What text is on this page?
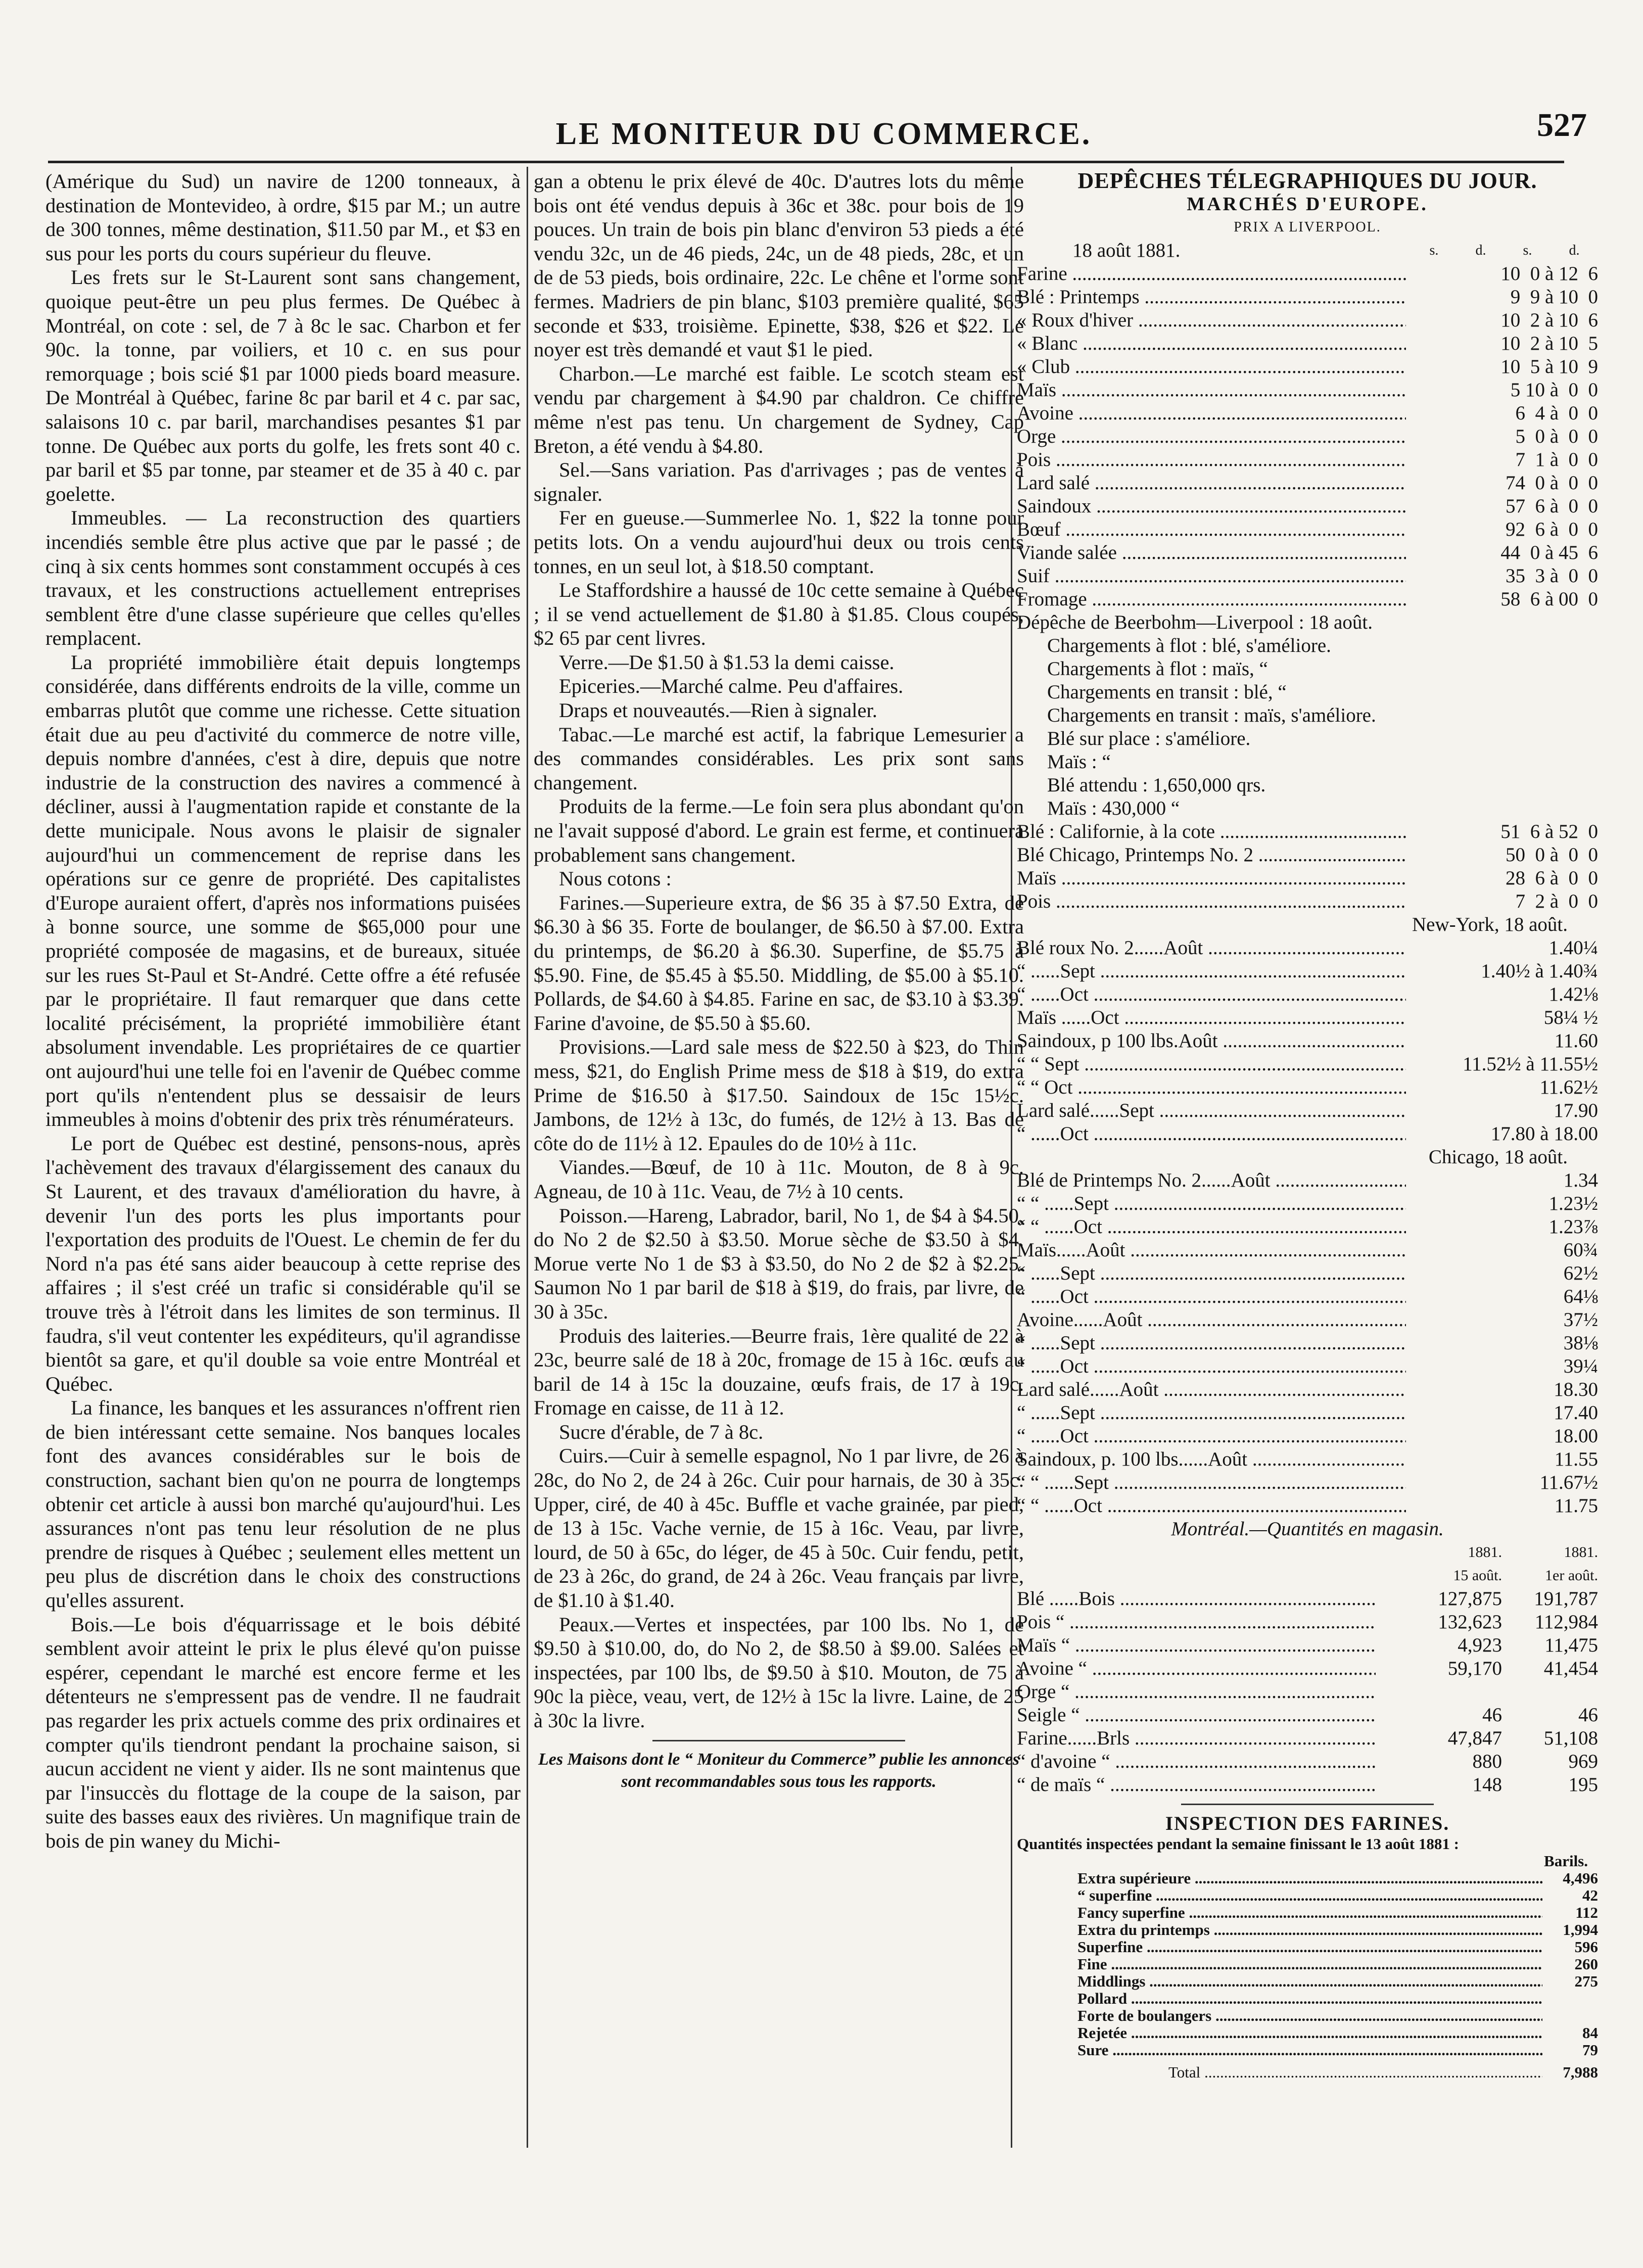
LE MONITEUR DU COMMERCE.	527

(Amérique du Sud) un navire de 1200 tonneaux, à destination de Montevideo, à ordre, $15 par M.; un autre de 300 tonnes, même destination, $11.50 par M., et $3 en sus pour les ports du cours supérieur du fleuve.

Les frets sur le St-Laurent sont sans changement, quoique peut-être un peu plus fermes. De Québec à Montréal, on cote : sel, de 7 à 8c le sac. Charbon et fer 90c. la tonne, par voiliers, et 10 c. en sus pour remorquage ; bois scié $1 par 1000 pieds board measure. De Montréal à Québec, farine 8c par baril et 4 c. par sac, salaisons 10 c. par baril, marchandises pesantes $1 par tonne. De Québec aux ports du golfe, les frets sont 40 c. par baril et $5 par tonne, par steamer et de 35 à 40 c. par goelette.

Immeubles. — La reconstruction des quartiers incendiés semble être plus active que par le passé ; de cinq à six cents hommes sont constamment occupés à ces travaux, et les constructions actuellement entreprises semblent être d'une classe supérieure que celles qu'elles remplacent.

La propriété immobilière était depuis longtemps considérée, dans différents endroits de la ville, comme un embarras plutôt que comme une richesse. Cette situation était due au peu d'activité du commerce de notre ville, depuis nombre d'années, c'est à dire, depuis que notre industrie de la construction des navires a commencé à décliner, aussi à l'augmentation rapide et constante de la dette municipale. Nous avons le plaisir de signaler aujourd'hui un commencement de reprise dans les opérations sur ce genre de propriété. Des capitalistes d'Europe auraient offert, d'après nos informations puisées à bonne source, une somme de $65,000 pour une propriété composée de magasins, et de bureaux, située sur les rues St-Paul et St-André. Cette offre a été refusée par le propriétaire. Il faut remarquer que dans cette localité précisément, la propriété immobilière étant absolument invendable. Les propriétaires de ce quartier ont aujourd'hui une telle foi en l'avenir de Québec comme port qu'ils n'entendent plus se dessaisir de leurs immeubles à moins d'obtenir des prix très rénumérateurs.

Le port de Québec est destiné, pensons-nous, après l'achèvement des travaux d'élargissement des canaux du St Laurent, et des travaux d'amélioration du havre, à devenir l'un des ports les plus importants pour l'exportation des produits de l'Ouest. Le chemin de fer du Nord n'a pas été sans aider beaucoup à cette reprise des affaires ; il s'est créé un trafic si considérable qu'il se trouve très à l'étroit dans les limites de son terminus. Il faudra, s'il veut contenter les expéditeurs, qu'il agrandisse bientôt sa gare, et qu'il double sa voie entre Montréal et Québec.

La finance, les banques et les assurances n'offrent rien de bien intéressant cette semaine. Nos banques locales font des avances considérables sur le bois de construction, sachant bien qu'on ne pourra de longtemps obtenir cet article à aussi bon marché qu'aujourd'hui. Les assurances n'ont pas tenu leur résolution de ne plus prendre de risques à Québec ; seulement elles mettent un peu plus de discrétion dans le choix des constructions qu'elles assurent.

Bois.—Le bois d'équarrissage et le bois débité semblent avoir atteint le prix le plus élevé qu'on puisse espérer, cependant le marché est encore ferme et les détenteurs ne s'empressent pas de vendre. Il ne faudrait pas regarder les prix actuels comme des prix ordinaires et compter qu'ils tiendront pendant la prochaine saison, si aucun accident ne vient y aider. Ils ne sont maintenus que par l'insuccès du flottage de la coupe de la saison, par suite des basses eaux des rivières. Un magnifique train de bois de pin waney du Michi-

gan a obtenu le prix élevé de 40c. D'autres lots du même bois ont été vendus depuis à 36c et 38c. pour bois de 19 pouces. Un train de bois pin blanc d'environ 53 pieds a été vendu 32c, un de 46 pieds, 24c, un de 48 pieds, 28c, et un de de 53 pieds, bois ordinaire, 22c. Le chêne et l'orme sont fermes. Madriers de pin blanc, $103 première qualité, $65 seconde et $33, troisième. Epinette, $38, $26 et $22. Le noyer est très demandé et vaut $1 le pied.

Charbon.—Le marché est faible. Le scotch steam est vendu par chargement à $4.90 par chaldron. Ce chiffre même n'est pas tenu. Un chargement de Sydney, Cap Breton, a été vendu à $4.80.

Sel.—Sans variation. Pas d'arrivages ; pas de ventes à signaler.

Fer en gueuse.—Summerlee No. 1, $22 la tonne pour petits lots. On a vendu aujourd'hui deux ou trois cents tonnes, en un seul lot, à $18.50 comptant.

Le Staffordshire a haussé de 10c cette semaine à Québec ; il se vend actuellement de $1.80 à $1.85. Clous coupés, $2 65 par cent livres.

Verre.—De $1.50 à $1.53 la demi caisse.

Epiceries.—Marché calme. Peu d'affaires.

Draps et nouveautés.—Rien à signaler.

Tabac.—Le marché est actif, la fabrique Lemesurier a des commandes considérables. Les prix sont sans changement.

Produits de la ferme.—Le foin sera plus abondant qu'on ne l'avait supposé d'abord. Le grain est ferme, et continuera probablement sans changement.

Nous cotons :

Farines.—Superieure extra, de $6 35 à $7.50 Extra, de $6.30 à $6 35. Forte de boulanger, de $6.50 à $7.00. Extra du printemps, de $6.20 à $6.30. Superfine, de $5.75 à $5.90. Fine, de $5.45 à $5.50. Middling, de $5.00 à $5.10. Pollards, de $4.60 à $4.85. Farine en sac, de $3.10 à $3.39. Farine d'avoine, de $5.50 à $5.60.

Provisions.—Lard sale mess de $22.50 à $23, do Thin mess, $21, do English Prime mess de $18 à $19, do extra Prime de $16.50 à $17.50. Saindoux de 15c 15½c. Jambons, de 12½ à 13c, do fumés, de 12½ à 13. Bas de côte do de 11½ à 12. Epaules do de 10½ à 11c.

Viandes.—Bœuf, de 10 à 11c. Mouton, de 8 à 9c. Agneau, de 10 à 11c. Veau, de 7½ à 10 cents.

Poisson.—Hareng, Labrador, baril, No 1, de $4 à $4.50, do No 2 de $2.50 à $3.50. Morue sèche de $3.50 à $4. Morue verte No 1 de $3 à $3.50, do No 2 de $2 à $2.25. Saumon No 1 par baril de $18 à $19, do frais, par livre, de 30 à 35c.

Produis des laiteries.—Beurre frais, 1ère qualité de 22 à 23c, beurre salé de 18 à 20c, fromage de 15 à 16c. œufs au baril de 14 à 15c la douzaine, œufs frais, de 17 à 19c. Fromage en caisse, de 11 à 12.

Sucre d'érable, de 7 à 8c.

Cuirs.—Cuir à semelle espagnol, No 1 par livre, de 26 à 28c, do No 2, de 24 à 26c. Cuir pour harnais, de 30 à 35c. Upper, ciré, de 40 à 45c. Buffle et vache grainée, par pied, de 13 à 15c. Vache vernie, de 15 à 16c. Veau, par livre, lourd, de 50 à 65c, do léger, de 45 à 50c. Cuir fendu, petit, de 23 à 26c, do grand, de 24 à 26c. Veau français par livre, de $1.10 à $1.40.

Peaux.—Vertes et inspectées, par 100 lbs. No 1, de $9.50 à $10.00, do, do No 2, de $8.50 à $9.00. Salées et inspectées, par 100 lbs, de $9.50 à $10. Mouton, de 75 à 90c la pièce, veau, vert, de 12½ à 15c la livre. Laine, de 25 à 30c la livre.

Les Maisons dont le “ Moniteur du Commerce” publie les annonces sont recommandables sous tous les rapports.

DEPÊCHES TÉLEGRAPHIQUES DU JOUR.
MARCHÉS D'EUROPE.
PRIX A LIVERPOOL.
18 août 1881.	s.	d.	s.	d.
Farine .....	10  0 à 12  6
Blé : Printemps .....	9  9 à 10  0
« Roux d'hiver .....	10  2 à 10  6
« Blanc .....	10  2 à 10  5
« Club .....	10  5 à 10  9
Maïs .....	5 10 à  0  0
Avoine .....	6  4 à  0  0
Orge .....	5  0 à  0  0
Pois .....	7  1 à  0  0
Lard salé .....	74  0 à  0  0
Saindoux .....	57  6 à  0  0
Bœuf .....	92  6 à  0  0
Viande salée .....	44  0 à 45  6
Suif .....	35  3 à  0  0
Fromage .....	58  6 à 00  0
Dépêche de Beerbohm—Liverpool : 18 août.
Chargements à flot : blé, s'améliore.
Chargements à flot : maïs, “
Chargements en transit : blé, “
Chargements en transit : maïs, s'améliore.
Blé sur place : s'améliore.
Maïs : “
Blé attendu : 1,650,000 qrs.
Maïs : 430,000 “
Blé : Californie, à la cote .....	51  6 à 52  0
Blé Chicago, Printemps No. 2 .....	50  0 à  0  0
Maïs .....	28  6 à  0  0
Pois .....	7  2 à  0  0
New-York, 18 août.
Blé roux No. 2......Août .....	1.40¼
“ ......Sept .....	1.40½ à 1.40¾
“ ......Oct .....	1.42⅛
Maïs ......Oct .....	58¼ ½
Saindoux, p 100 lbs.Août .....	11.60
“ “ Sept .....	11.52½ à 11.55½
“ “ Oct .....	11.62½
Lard salé......Sept .....	17.90
“ ......Oct .....	17.80 à 18.00
Chicago, 18 août.
Blé de Printemps No. 2......Août .....	1.34
“ “ ......Sept .....	1.23½
“ “ ......Oct .....	1.23⅞
Maïs......Août .....	60¾
“ ......Sept .....	62½
“ ......Oct .....	64⅛
Avoine......Août .....	37½
“ ......Sept .....	38⅛
“ ......Oct .....	39¼
Lard salé......Août .....	18.30
“ ......Sept .....	17.40
“ ......Oct .....	18.00
Saindoux, p. 100 lbs......Août .....	11.55
“ “ ......Sept .....	11.67½
“ “ ......Oct .....	11.75
Montréal.—Quantités en magasin.
1881.	1881.
15 août.	1er août.
Blé ......Bois .....	127,875	191,787
Pois “ .....	132,623	112,984
Maïs “ .....	4,923	11,475
Avoine “ .....	59,170	41,454
Orge “ .....
Seigle “ .....	46	46
Farine......Brls .....	47,847	51,108
“ d'avoine “ .....	880	969
“ de maïs “ .....	148	195
INSPECTION DES FARINES.
Quantités inspectées pendant la semaine finissant le 13 août 1881 :
Barils.
Extra supérieure .....	4,496
“ superfine .....	42
Fancy superfine .....	112
Extra du printemps .....	1,994
Superfine .....	596
Fine .....	260
Middlings .....	275
Pollard .....
Forte de boulangers .....
Rejetée .....	84
Sure .....	79
Total .....	7,988
